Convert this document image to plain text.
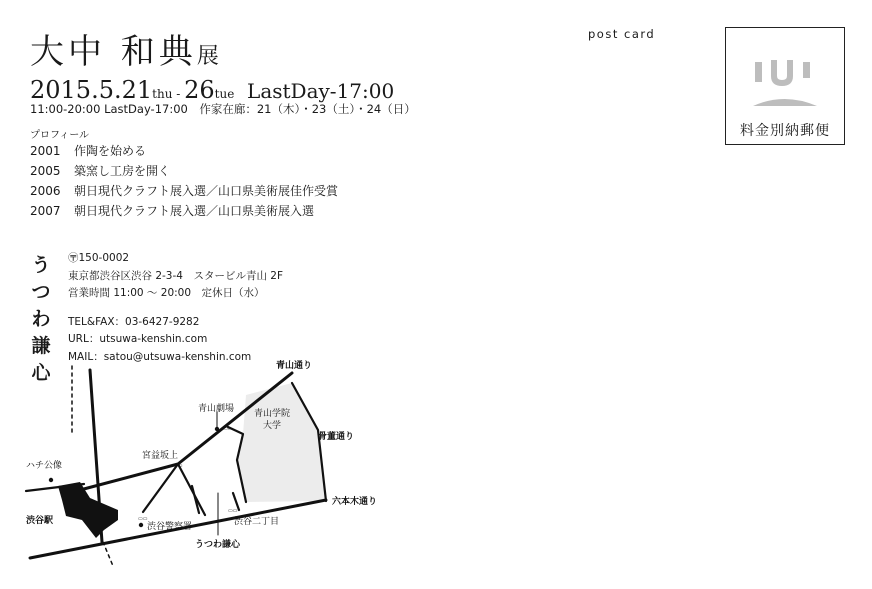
大中 和典展
2015.5.21thu - 26tue LastDay-17:00
11:00-20:00 LastDay-17:00　作家在廊：21（木）・23（土）・24（日）
プロフィール
2001 作陶を始める
2005 築窯し工房を開く
2006 朝日現代クラフト展入選／山口県美術展佳作受賞
2007 朝日現代クラフト展入選／山口県美術展入選
post card
料金別納郵便
うつわ謙心
〶150-0002
東京都渋谷区渋谷 2-3-4　スタービル青山 2F
営業時間 11:00 〜 20:00　定休日（水）
TEL&FAX：03-6427-9282
URL：utsuwa-kenshin.com
MAIL：satou@utsuwa-kenshin.com
▭▭
▭▭
▭▭
▭▭
青山通り
青山劇場 青山学院
大学
骨董通り
宮益坂上
ハチ公像
六本木通り
渋谷駅
渋谷警察署	渋谷二丁目
うつわ謙心
